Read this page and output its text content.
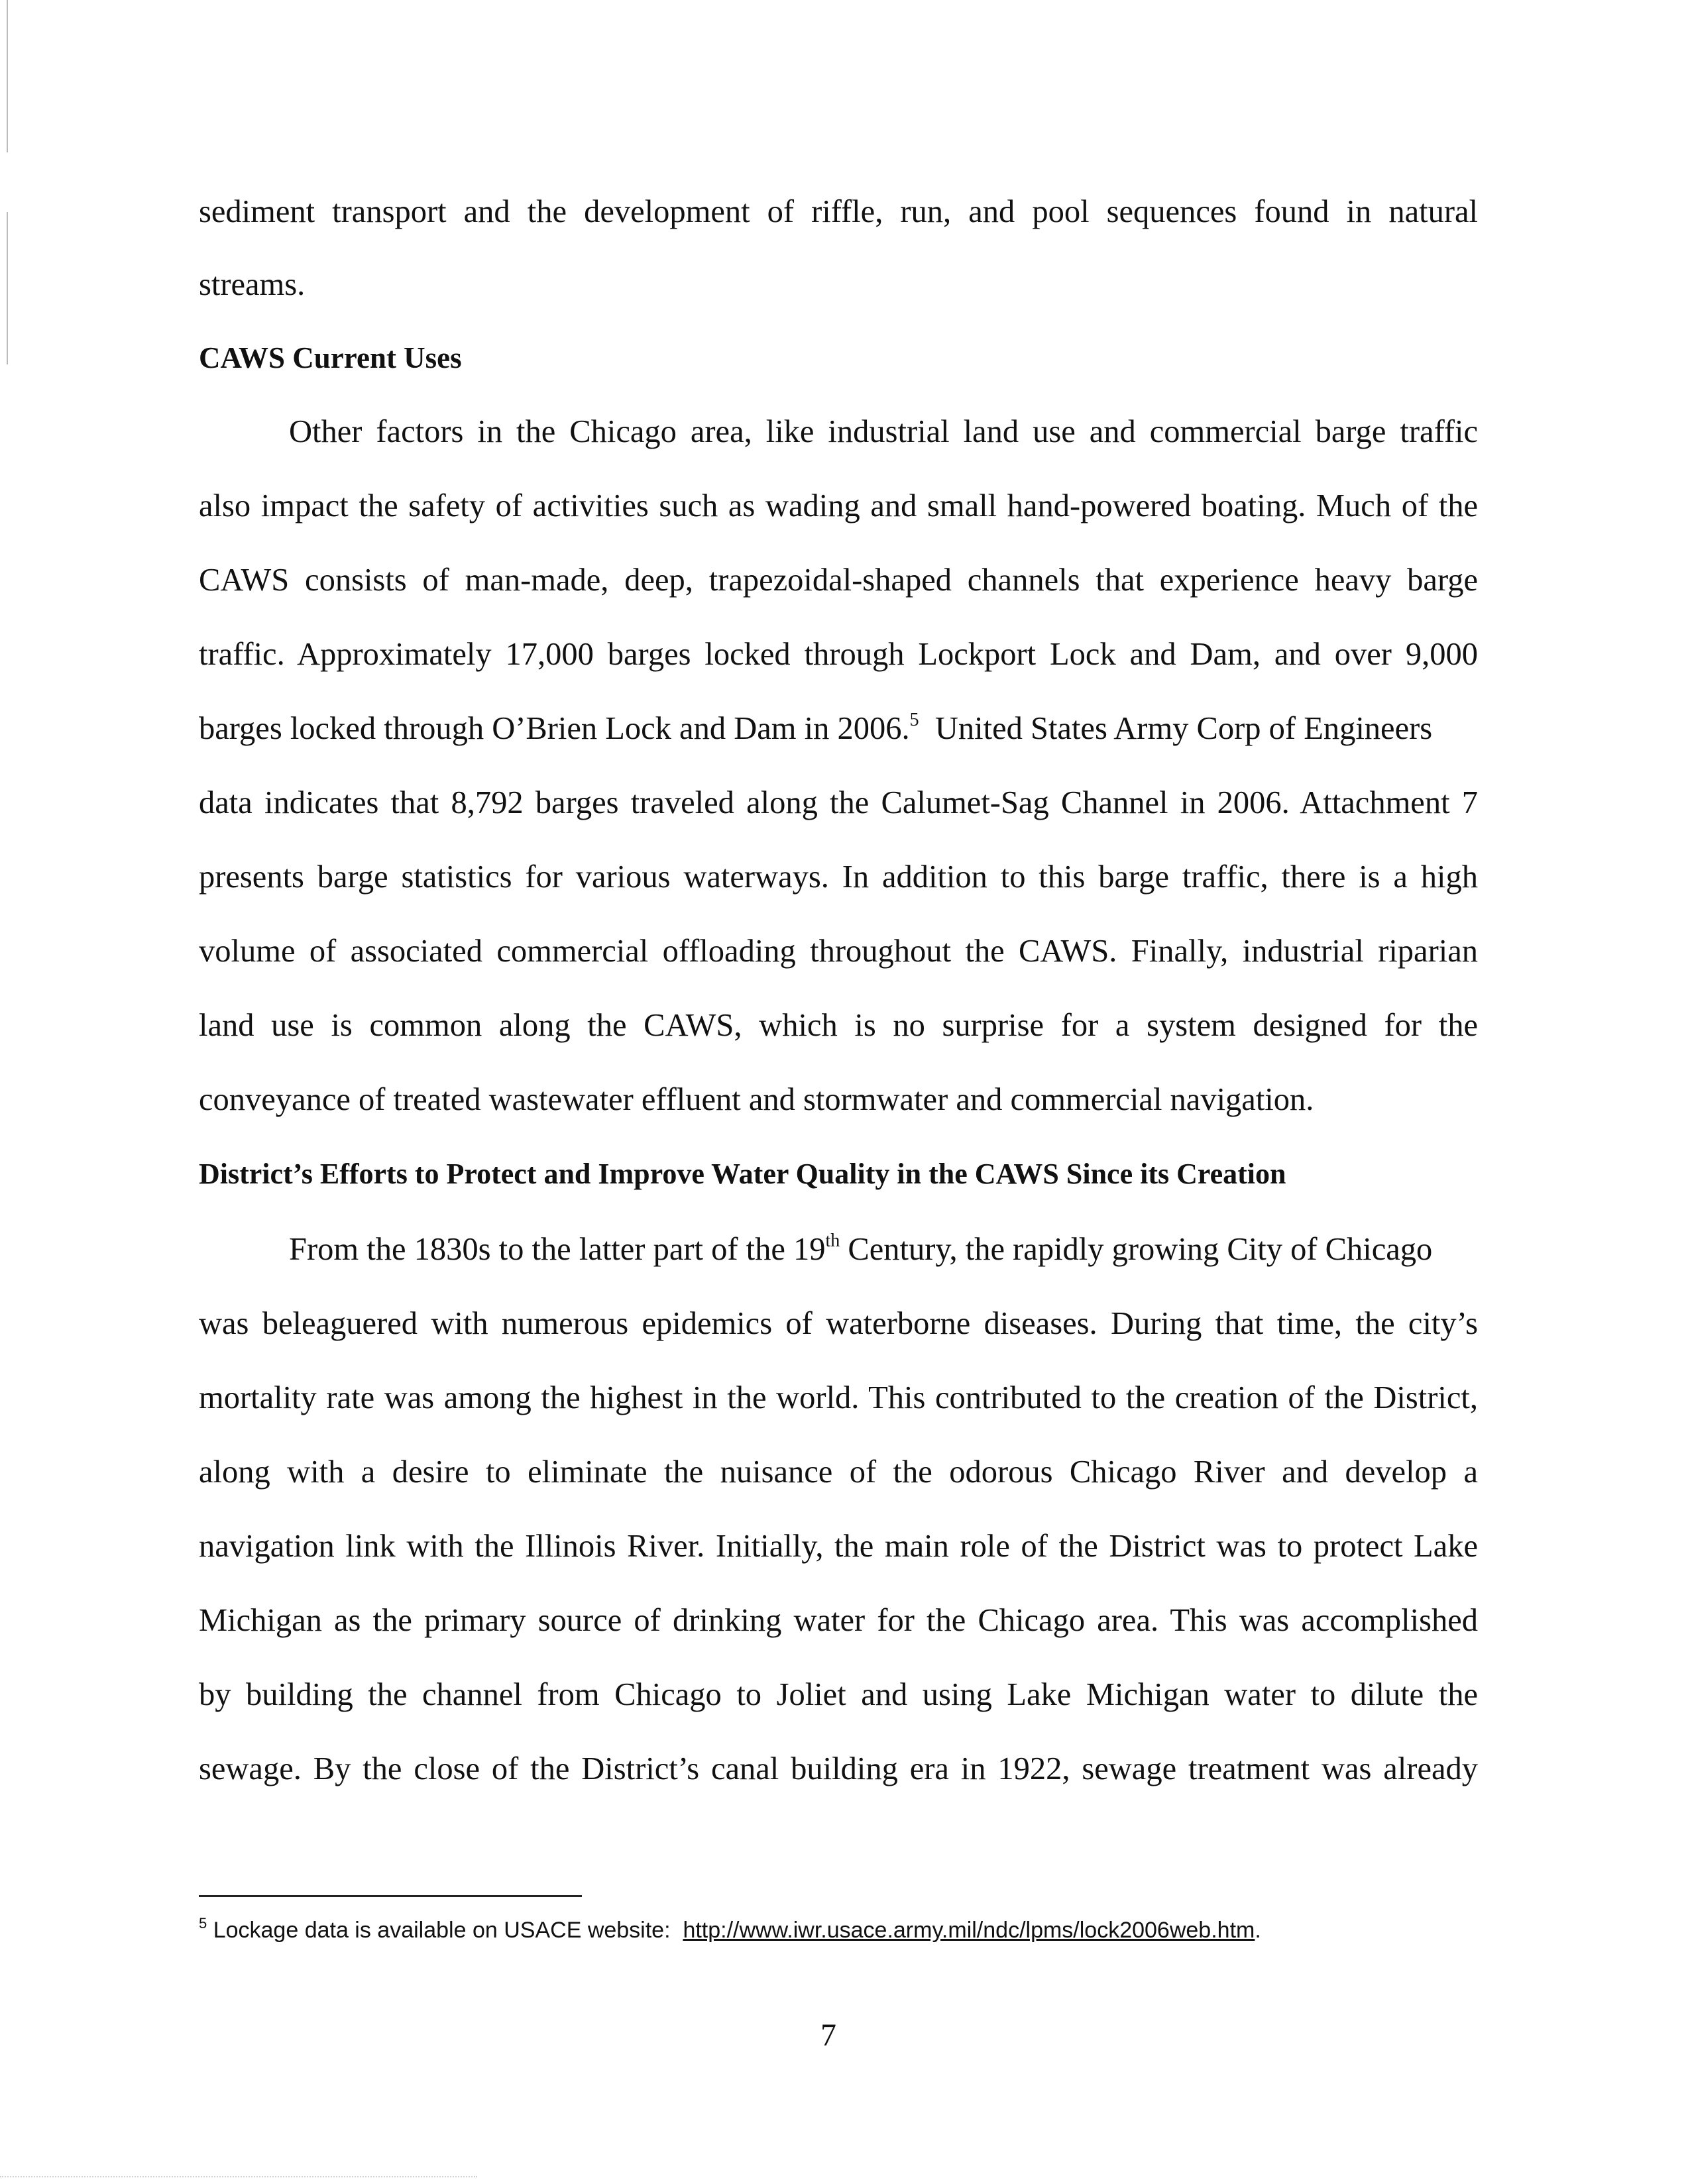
sediment transport and the development of riffle, run, and pool sequences found in natural
streams.
CAWS Current Uses
Other factors in the Chicago area, like industrial land use and commercial barge traffic
also impact the safety of activities such as wading and small hand-powered boating. Much of the
CAWS consists of man-made, deep, trapezoidal-shaped channels that experience heavy barge
traffic. Approximately 17,000 barges locked through Lockport Lock and Dam, and over 9,000
barges locked through O’Brien Lock and Dam in 2006.$^5$  United States Army Corp of Engineers
data indicates that 8,792 barges traveled along the Calumet-Sag Channel in 2006. Attachment 7
presents barge statistics for various waterways. In addition to this barge traffic, there is a high
volume of associated commercial offloading throughout the CAWS. Finally, industrial riparian
land use is common along the CAWS, which is no surprise for a system designed for the
conveyance of treated wastewater effluent and stormwater and commercial navigation.
District’s Efforts to Protect and Improve Water Quality in the CAWS Since its Creation
From the 1830s to the latter part of the 19th Century, the rapidly growing City of Chicago
was beleaguered with numerous epidemics of waterborne diseases. During that time, the city’s
mortality rate was among the highest in the world. This contributed to the creation of the District,
along with a desire to eliminate the nuisance of the odorous Chicago River and develop a
navigation link with the Illinois River. Initially, the main role of the District was to protect Lake
Michigan as the primary source of drinking water for the Chicago area. This was accomplished
by building the channel from Chicago to Joliet and using Lake Michigan water to dilute the
sewage. By the close of the District’s canal building era in 1922, sewage treatment was already
$^5$ Lockage data is available on USACE website:  http://www.iwr.usace.army.mil/ndc/lpms/lock2006web.htm.
7
